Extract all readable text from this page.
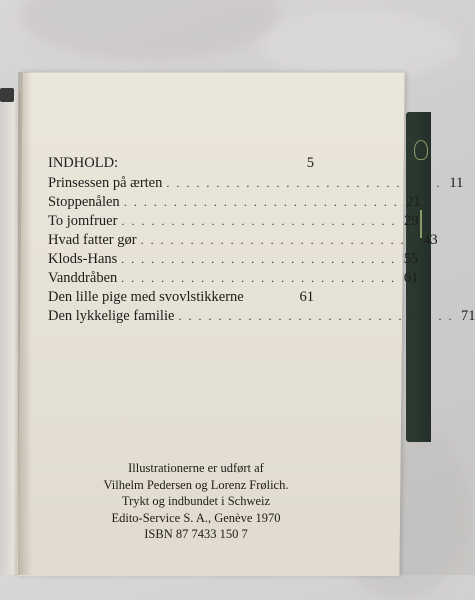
INDHOLD:	5
Prinsessen på ærten . . . . . . . . . . . . . . . . . . . . . . . . . . . . 11
Stoppenålen . . . . . . . . . . . . . . . . . . . . . . . . . . . . 21
To jomfruer . . . . . . . . . . . . . . . . . . . . . . . . . . . . 29
Hvad fatter gør . . . . . . . . . . . . . . . . . . . . . . . . . . . . 43
Klods-Hans . . . . . . . . . . . . . . . . . . . . . . . . . . . . 55
Vanddråben . . . . . . . . . . . . . . . . . . . . . . . . . . . . 61
Den lille pige med svovlstikkerne	61
Den lykkelige familie . . . . . . . . . . . . . . . . . . . . . . . . . . . . 71
Illustrationerne er udført af
Vilhelm Pedersen og Lorenz Frølich.
Trykt og indbundet i Schweiz
Edito-Service S. A., Genève 1970
ISBN 87 7433 150 7
